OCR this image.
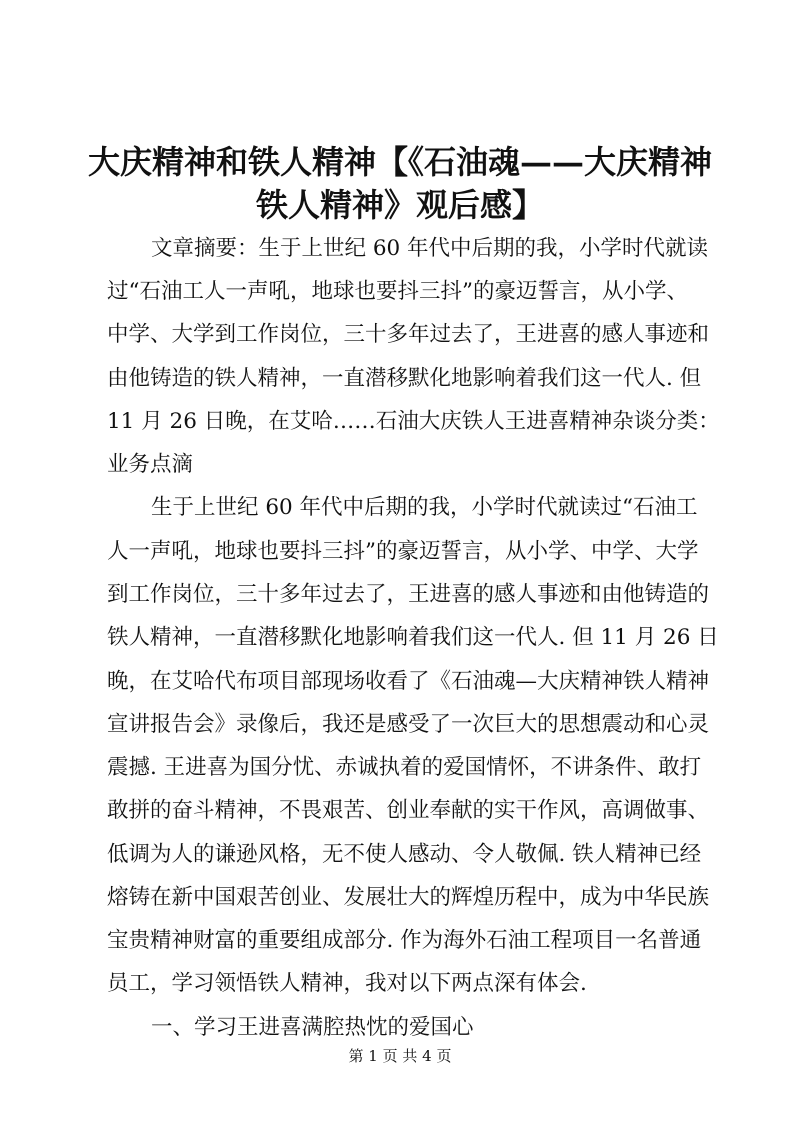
大庆精神和铁人精神【《石油魂——大庆精神
铁人精神》观后感】
文章摘要：生于上世纪 60 年代中后期的我，小学时代就读
过“石油工人一声吼，地球也要抖三抖”的豪迈誓言，从小学、
中学、大学到工作岗位，三十多年过去了，王进喜的感人事迹和
由他铸造的铁人精神，一直潜移默化地影响着我们这一代人. 但
11 月 26 日晚，在艾哈……石油大庆铁人王进喜精神杂谈分类：
业务点滴
生于上世纪 60 年代中后期的我，小学时代就读过“石油工
人一声吼，地球也要抖三抖”的豪迈誓言，从小学、中学、大学
到工作岗位，三十多年过去了，王进喜的感人事迹和由他铸造的
铁人精神，一直潜移默化地影响着我们这一代人. 但 11 月 26 日
晚，在艾哈代布项目部现场收看了《石油魂—大庆精神铁人精神
宣讲报告会》录像后，我还是感受了一次巨大的思想震动和心灵
震撼. 王进喜为国分忧、赤诚执着的爱国情怀，不讲条件、敢打
敢拼的奋斗精神，不畏艰苦、创业奉献的实干作风，高调做事、
低调为人的谦逊风格，无不使人感动、令人敬佩. 铁人精神已经
熔铸在新中国艰苦创业、发展壮大的辉煌历程中，成为中华民族
宝贵精神财富的重要组成部分. 作为海外石油工程项目一名普通
员工，学习领悟铁人精神，我对以下两点深有体会.
一、学习王进喜满腔热忱的爱国心
第 1 页 共 4 页
